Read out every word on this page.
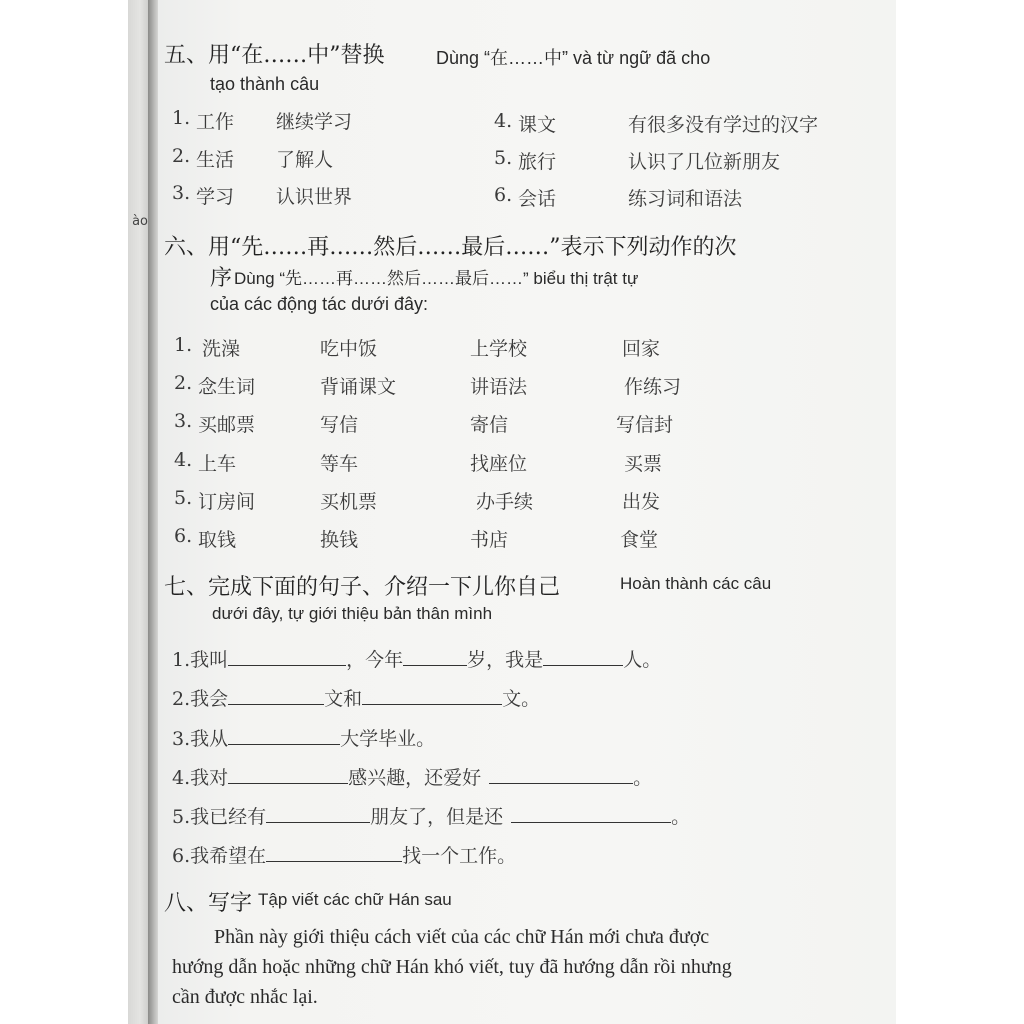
ào
五、用“在……中”替换	Dùng “在……中” và từ ngữ đã cho
tạo thành câu
1. 工作 继续学习
2. 生活 了解人
3. 学习 认识世界
4. 课文	有很多没有学过的汉字
5. 旅行	认识了几位新朋友
6. 会话	练习词和语法
六、用“先……再……然后……最后……”表示下列动作的次
序 Dùng “先……再……然后……最后……” biểu thị trật tự
của các động tác dưới đây:
1. 洗澡	吃中饭	上学校	回家
2. 念生词	背诵课文	讲语法	作练习
3. 买邮票	写信	寄信	写信封
4. 上车	等车	找座位	买票
5. 订房间	买机票	办手续	出发
6. 取钱	换钱	书店	食堂
七、完成下面的句子、介绍一下儿你自己	Hoàn thành các câu
dưới đây, tự giới thiệu bản thân mình
1.我叫	，今年	岁，我是	人。
2.我会	文和	文。
3.我从	大学毕业。
4.我对	感兴趣，还爱好	。
5.我已经有	朋友了，但是还	。
6.我希望在	找一个工作。
八、写字 Tập viết các chữ Hán sau
Phần này giới thiệu cách viết của các chữ Hán mới chưa được
hướng dẫn hoặc những chữ Hán khó viết, tuy đã hướng dẫn rồi nhưng
cần được nhắc lại.
